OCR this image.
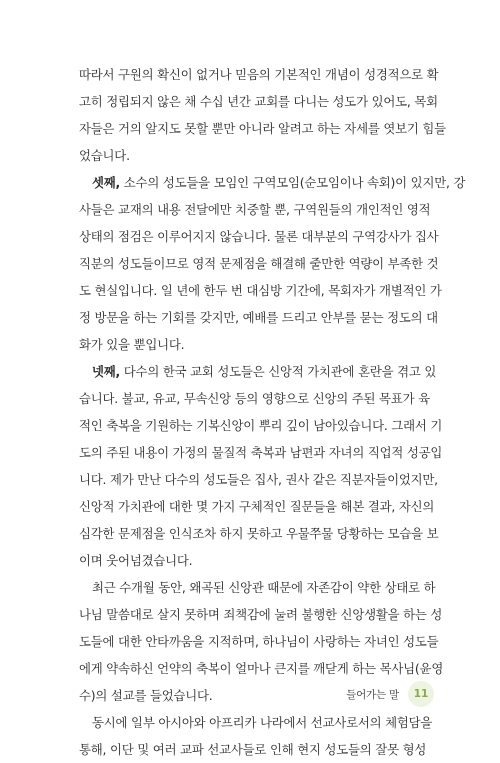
따라서 구원의 확신이 없거나 믿음의 기본적인 개념이 성경적으로 확
고히 정립되지 않은 채 수십 년간 교회를 다니는 성도가 있어도, 목회
자들은 거의 알지도 못할 뿐만 아니라 알려고 하는 자세를 엿보기 힘들
었습니다.
셋째, 소수의 성도들을 모임인 구역모임(순모임이나 속회)이 있지만, 강
사들은 교재의 내용 전달에만 치중할 뿐, 구역원들의 개인적인 영적
상태의 점검은 이루어지지 않습니다. 물론 대부분의 구역강사가 집사
직분의 성도들이므로 영적 문제점을 해결해 줄만한 역량이 부족한 것
도 현실입니다. 일 년에 한두 번 대심방 기간에, 목회자가 개별적인 가
정 방문을 하는 기회를 갖지만, 예배를 드리고 안부를 묻는 정도의 대
화가 있을 뿐입니다.
넷째, 다수의 한국 교회 성도들은 신앙적 가치관에 혼란을 겪고 있
습니다. 불교, 유교, 무속신앙 등의 영향으로 신앙의 주된 목표가 육
적인 축복을 기원하는 기복신앙이 뿌리 깊이 남아있습니다. 그래서 기
도의 주된 내용이 가정의 물질적 축복과 남편과 자녀의 직업적 성공입
니다. 제가 만난 다수의 성도들은 집사, 권사 같은 직분자들이었지만,
신앙적 가치관에 대한 몇 가지 구체적인 질문들을 해본 결과, 자신의
심각한 문제점을 인식조차 하지 못하고 우물쭈물 당황하는 모습을 보
이며 웃어넘겼습니다.
최근 수개월 동안, 왜곡된 신앙관 때문에 자존감이 약한 상태로 하
나님 말씀대로 살지 못하며 죄책감에 눌려 불행한 신앙생활을 하는 성
도들에 대한 안타까움을 지적하며, 하나님이 사랑하는 자녀인 성도들
에게 약속하신 언약의 축복이 얼마나 큰지를 깨닫게 하는 목사님(윤영
수)의 설교를 들었습니다.
동시에 일부 아시아와 아프리카 나라에서 선교사로서의 체험담을
통해, 이단 및 여러 교파 선교사들로 인해 현지 성도들의 잘못 형성
들어가는 말	11
